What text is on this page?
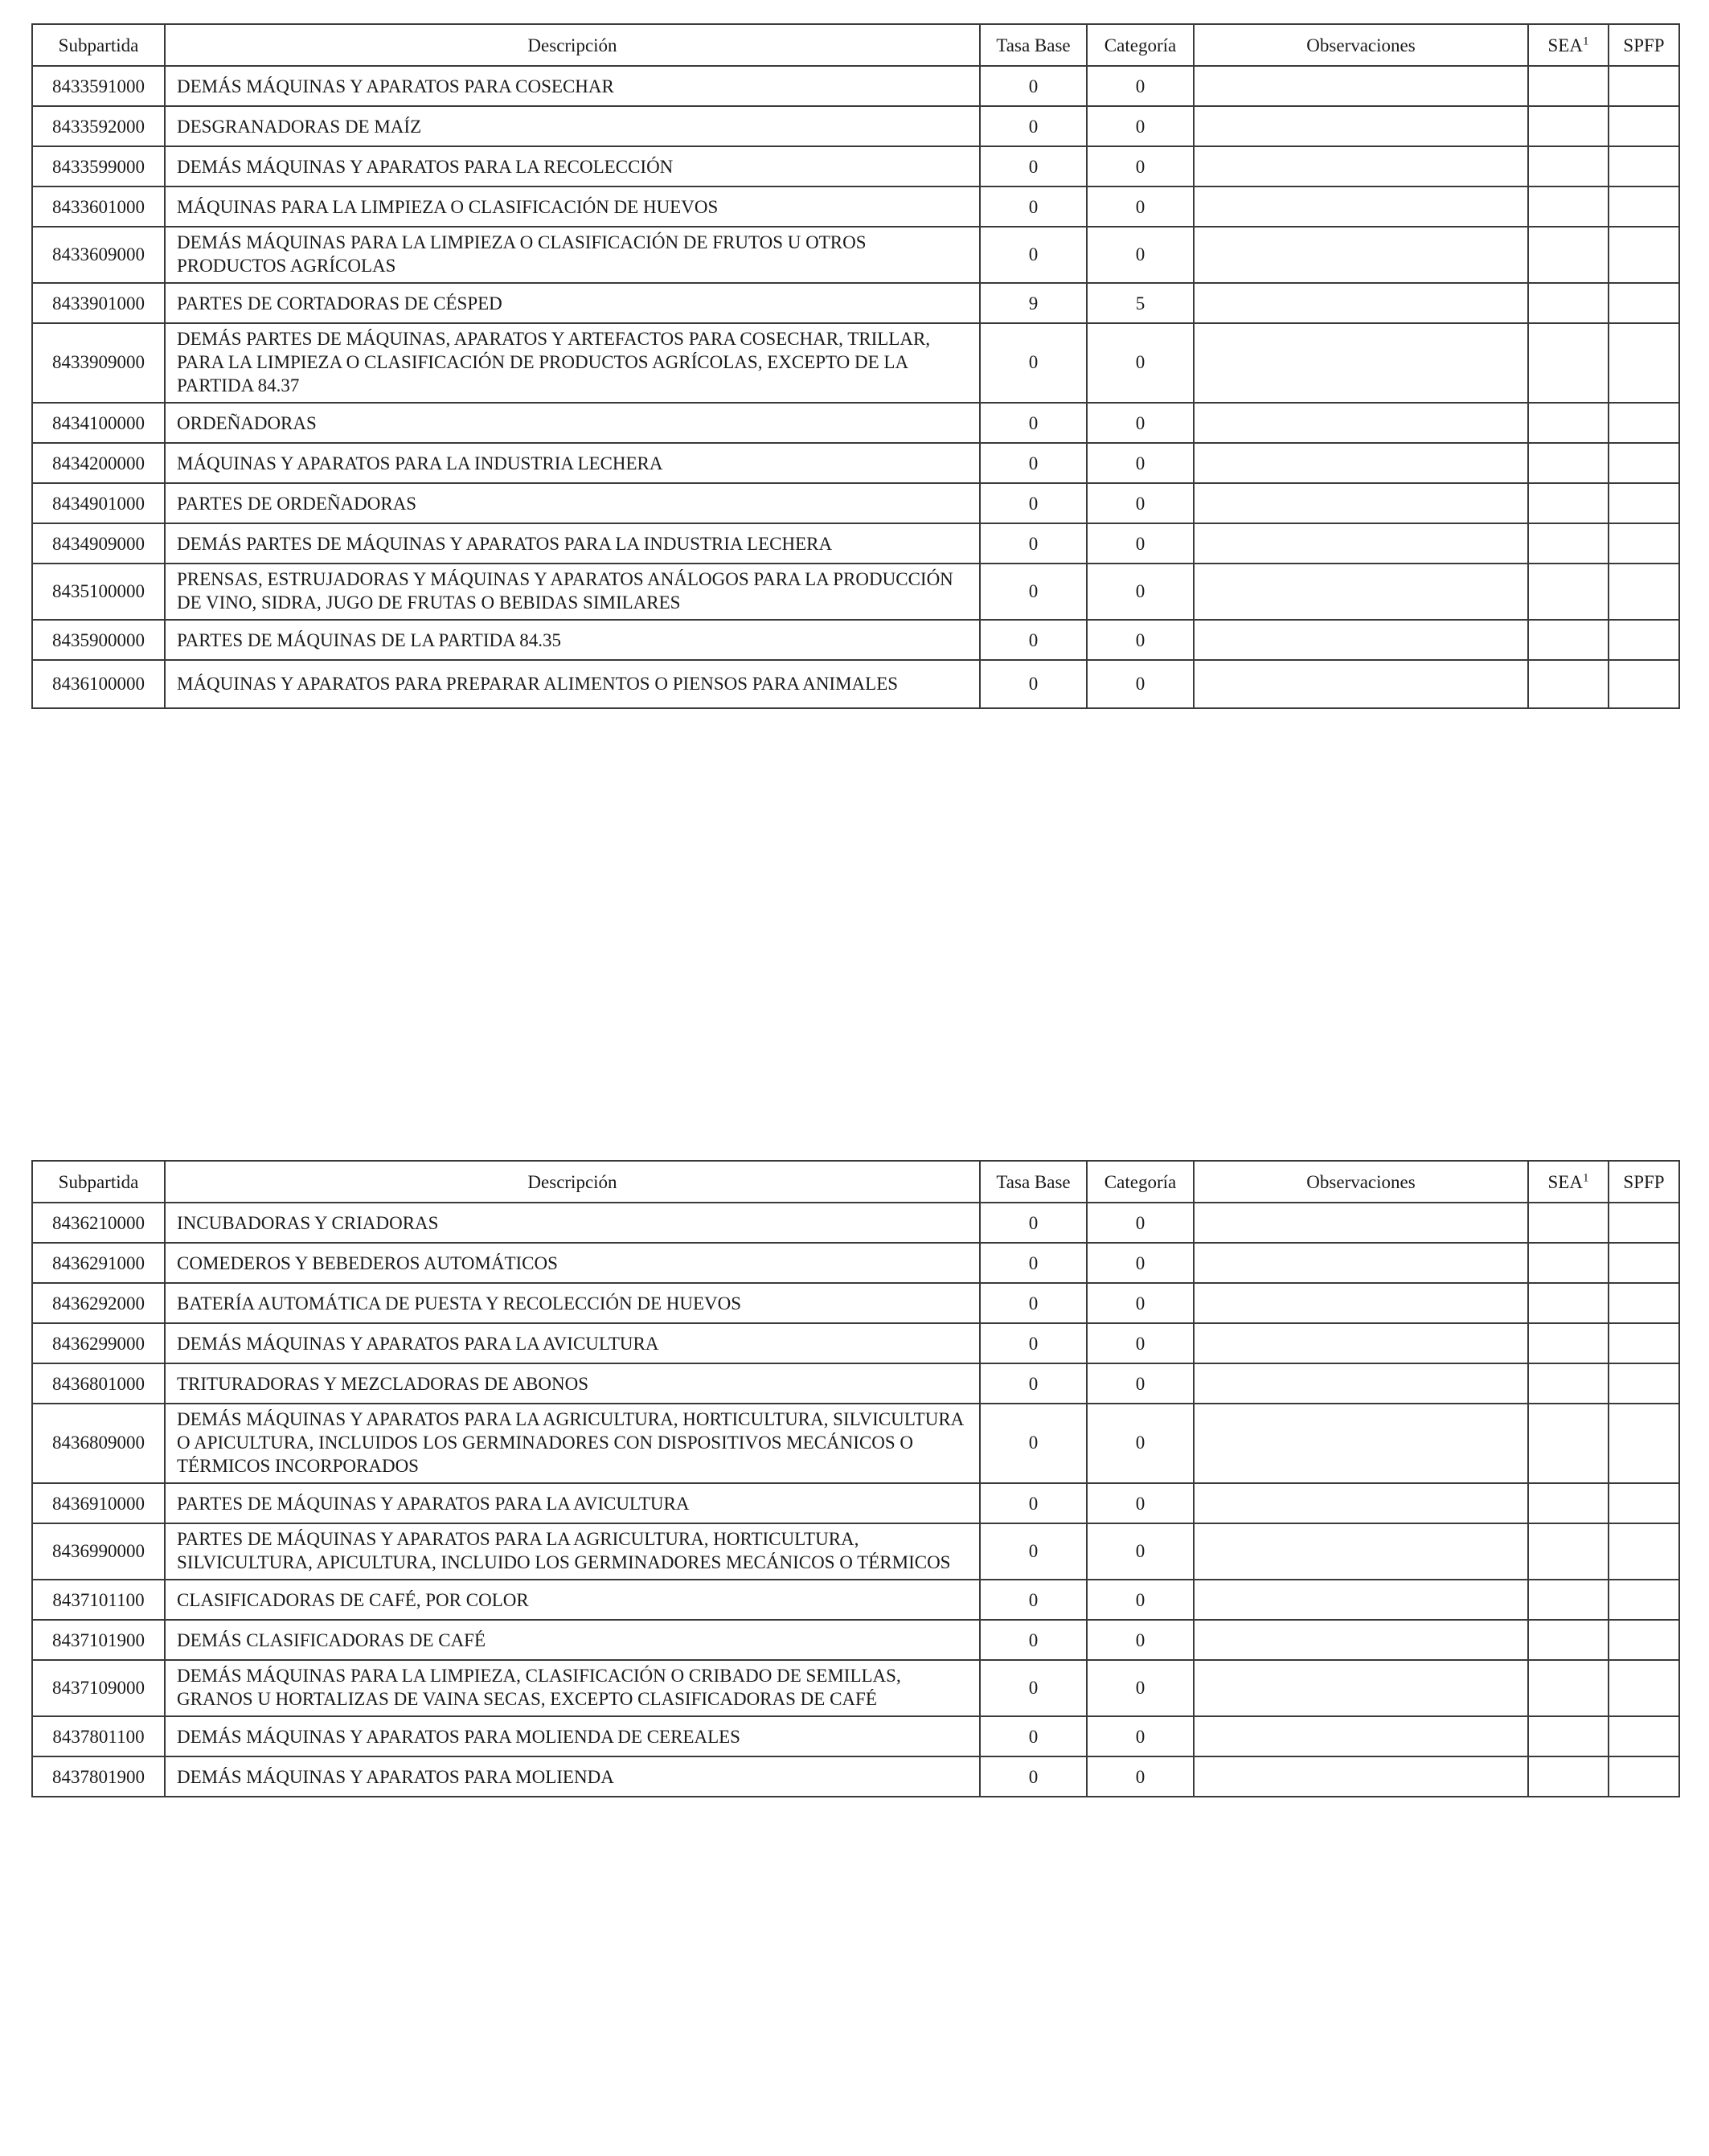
Subpartida	Descripción	Tasa Base	Categoría	Observaciones	SEA$^1$	SPFP
8433591000	DEMÁS MÁQUINAS Y APARATOS PARA COSECHAR	0	0			
8433592000	DESGRANADORAS DE MAÍZ	0	0			
8433599000	DEMÁS MÁQUINAS Y APARATOS PARA LA RECOLECCIÓN	0	0			
8433601000	MÁQUINAS PARA LA LIMPIEZA O CLASIFICACIÓN DE HUEVOS	0	0			
8433609000	DEMÁS MÁQUINAS PARA LA LIMPIEZA O CLASIFICACIÓN DE FRUTOS U OTROS PRODUCTOS AGRÍCOLAS	0	0			
8433901000	PARTES DE CORTADORAS DE CÉSPED	9	5			
8433909000	DEMÁS PARTES DE MÁQUINAS, APARATOS Y ARTEFACTOS PARA COSECHAR, TRILLAR, PARA LA LIMPIEZA O CLASIFICACIÓN DE PRODUCTOS AGRÍCOLAS, EXCEPTO DE LA PARTIDA 84.37	0	0			
8434100000	ORDEÑADORAS	0	0			
8434200000	MÁQUINAS Y APARATOS PARA LA INDUSTRIA LECHERA	0	0			
8434901000	PARTES DE ORDEÑADORAS	0	0			
8434909000	DEMÁS PARTES DE MÁQUINAS Y APARATOS PARA LA INDUSTRIA LECHERA	0	0			
8435100000	PRENSAS, ESTRUJADORAS Y MÁQUINAS Y APARATOS ANÁLOGOS PARA LA PRODUCCIÓN DE VINO, SIDRA, JUGO DE FRUTAS O BEBIDAS SIMILARES	0	0			
8435900000	PARTES DE MÁQUINAS DE LA PARTIDA 84.35	0	0			
8436100000	MÁQUINAS Y APARATOS PARA PREPARAR ALIMENTOS O PIENSOS PARA ANIMALES	0	0			
Subpartida	Descripción	Tasa Base	Categoría	Observaciones	SEA$^1$	SPFP
8436210000	INCUBADORAS Y CRIADORAS	0	0			
8436291000	COMEDEROS Y BEBEDEROS AUTOMÁTICOS	0	0			
8436292000	BATERÍA AUTOMÁTICA DE PUESTA Y RECOLECCIÓN DE HUEVOS	0	0			
8436299000	DEMÁS MÁQUINAS Y APARATOS PARA LA AVICULTURA	0	0			
8436801000	TRITURADORAS Y MEZCLADORAS DE ABONOS	0	0			
8436809000	DEMÁS MÁQUINAS Y APARATOS PARA LA AGRICULTURA, HORTICULTURA, SILVICULTURA O APICULTURA, INCLUIDOS LOS GERMINADORES CON DISPOSITIVOS MECÁNICOS O TÉRMICOS INCORPORADOS	0	0			
8436910000	PARTES DE MÁQUINAS Y APARATOS PARA LA AVICULTURA	0	0			
8436990000	PARTES DE MÁQUINAS Y APARATOS PARA LA AGRICULTURA, HORTICULTURA, SILVICULTURA, APICULTURA, INCLUIDO LOS GERMINADORES MECÁNICOS O TÉRMICOS	0	0			
8437101100	CLASIFICADORAS DE CAFÉ, POR COLOR	0	0			
8437101900	DEMÁS CLASIFICADORAS DE CAFÉ	0	0			
8437109000	DEMÁS MÁQUINAS PARA LA LIMPIEZA, CLASIFICACIÓN O CRIBADO DE SEMILLAS, GRANOS U HORTALIZAS DE VAINA SECAS, EXCEPTO CLASIFICADORAS DE CAFÉ	0	0			
8437801100	DEMÁS MÁQUINAS Y APARATOS PARA MOLIENDA DE CEREALES	0	0			
8437801900	DEMÁS MÁQUINAS Y APARATOS PARA MOLIENDA	0	0			
